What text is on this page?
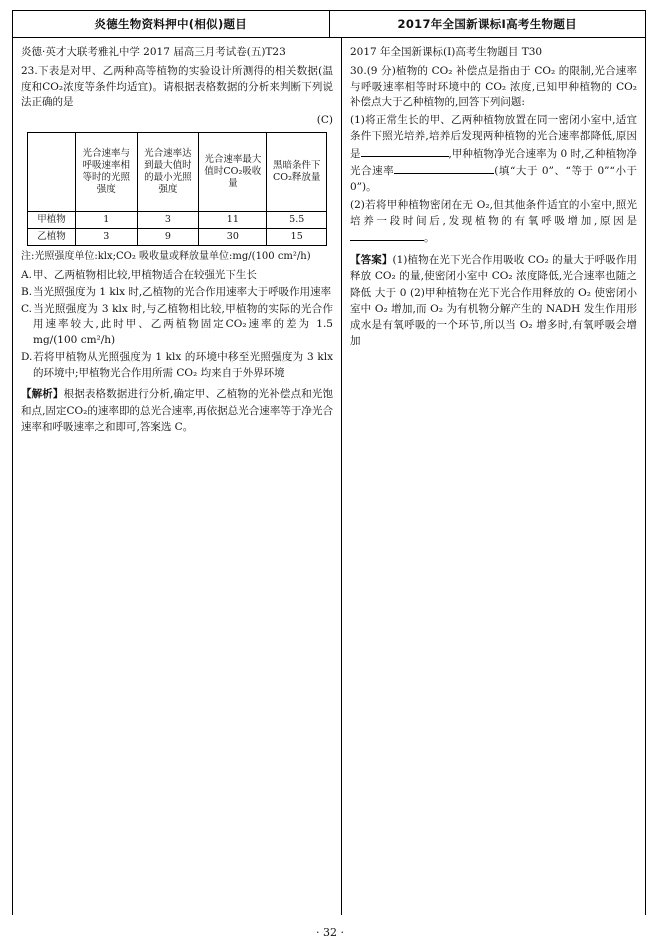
炎德生物资料押中(相似)题目	2017年全国新课标Ⅰ高考生物题目
炎德·英才大联考雅礼中学 2017 届高三月考试卷(五)T23

23.下表是对甲、乙两种高等植物的实验设计所测得的相关数据(温度和CO₂浓度等条件均适宜)。请根据表格数据的分析来判断下列说法正确的是

(C)

	光合速率与呼吸速率相等时的光照强度	光合速率达到最大值时的最小光照强度	光合速率最大值时CO₂吸收量	黑暗条件下CO₂释放量
甲植物	1	3	11	5.5
乙植物	3	9	30	15
注:光照强度单位:klx;CO₂ 吸收量或释放量单位:mg/(100 cm²/h)

A.甲、乙两植物相比较,甲植物适合在较强光下生长

B.当光照强度为 1 klx 时,乙植物的光合作用速率大于呼吸作用速率

C.当光照强度为 3 klx 时,与乙植物相比较,甲植物的实际的光合作用速率较大,此时甲、乙两植物固定CO₂速率的差为 1.5 mg/(100 cm²/h)

D.若将甲植物从光照强度为 1 klx 的环境中移至光照强度为 3 klx 的环境中;甲植物光合作用所需 CO₂ 均来自于外界环境

【解析】根据表格数据进行分析,确定甲、乙植物的光补偿点和光饱和点,固定CO₂的速率即的总光合速率,再依据总光合速率等于净光合速率和呼吸速率之和即可,答案选 C。
2017 年全国新课标(Ⅰ)高考生物题目 T30

30.(9 分)植物的 CO₂ 补偿点是指由于 CO₂ 的限制,光合速率与呼吸速率相等时环境中的 CO₂ 浓度,已知甲种植物的 CO₂ 补偿点大于乙种植物的,回答下列问题:

(1)将正常生长的甲、乙两种植物放置在同一密闭小室中,适宜条件下照光培养,培养后发现两种植物的光合速率都降低,原因是	,甲种植物净光合速率为 0 时,乙种植物净光合速率	(填“大于 0”、“等于 0”“小于 0”)。

(2)若将甲种植物密闭在无 O₂,但其他条件适宜的小室中,照光培养一段时间后,发现植物的有氧呼吸增加,原因是。

【答案】(1)植物在光下光合作用吸收 CO₂ 的量大于呼吸作用释放 CO₂ 的量,使密闭小室中 CO₂ 浓度降低,光合速率也随之降低 大于 0 (2)甲种植物在光下光合作用释放的 O₂ 使密闭小室中 O₂ 增加,而 O₂ 为有机物分解产生的 NADH 发生作用形成水是有氧呼吸的一个环节,所以当 O₂ 增多时,有氧呼吸会增加
· 32 ·
